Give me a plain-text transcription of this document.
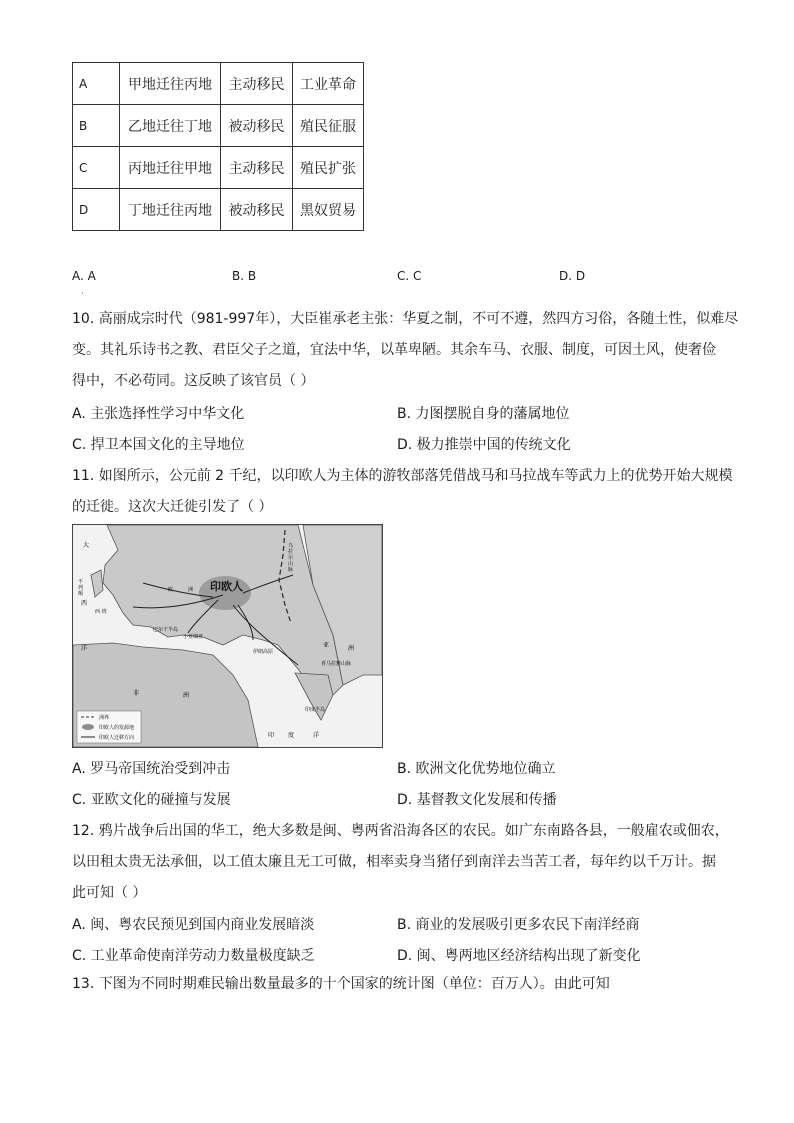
A	甲地迁往丙地	主动移民	工业革命
B	乙地迁往丁地	被动移民	殖民征服
C	丙地迁往甲地	主动移民	殖民扩张
D	丁地迁往丙地	被动移民	黑奴贸易
A. A	B. B	C. C	D. D
·
10. 高丽成宗时代（981-997年），大臣崔承老主张：华夏之制，不可不遵，然四方习俗，各随土性，似难尽
变。其礼乐诗书之教、君臣父子之道，宜法中华，以革卑陋。其余车马、衣服、制度，可因土风，使奢俭
得中，不必苟同。这反映了该官员（ ）
A. 主张选择性学习中华文化	B. 力图摆脱自身的藩属地位
C. 捍卫本国文化的主导地位	D. 极力推崇中国的传统文化
11. 如图所示，公元前 2 千纪，以印欧人为主体的游牧部落凭借战马和马拉战车等武力上的优势开始大规模
的迁徙。这次大迁徙引发了（ ）
印欧人
大
西
洋
不
列
颠
西 班
欧	洲
巴尔干半岛
小亚细亚
伊朗高原
喜马拉雅山脉
印度半岛
非	洲
亚	洲
印 度	洋
乌
拉
尔
山
脉
洲界
印欧人的发源地
印欧人迁移方向
A. 罗马帝国统治受到冲击	B. 欧洲文化优势地位确立
C. 亚欧文化的碰撞与发展	D. 基督教文化发展和传播
12. 鸦片战争后出国的华工，绝大多数是闽、粤两省沿海各区的农民。如广东南路各县，一般雇农或佃农，
以田租太贵无法承佃，以工值太廉且无工可做，相率卖身当猪仔到南洋去当苦工者，每年约以千万计。据
此可知（ ）
A. 闽、粤农民预见到国内商业发展暗淡	B. 商业的发展吸引更多农民下南洋经商
C. 工业革命使南洋劳动力数量极度缺乏	D. 闽、粤两地区经济结构出现了新变化
13. 下图为不同时期难民输出数量最多的十个国家的统计图（单位：百万人）。由此可知
